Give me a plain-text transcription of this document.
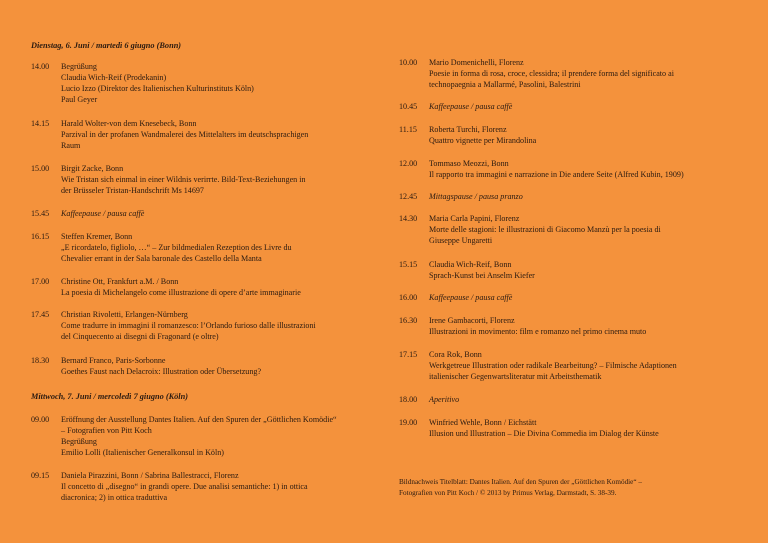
Dienstag, 6. Juni / martedì 6 giugno (Bonn)
14.00	Begrüßung
Claudia Wich-Reif (Prodekanin)
Lucio Izzo (Direktor des Italienischen Kulturinstituts Köln)
Paul Geyer
14.15	Harald Wolter-von dem Knesebeck, Bonn
Parzival in der profanen Wandmalerei des Mittelalters im deutschsprachigen
Raum
15.00	Birgit Zacke, Bonn
Wie Tristan sich einmal in einer Wildnis verirrte. Bild-Text-Beziehungen in
der Brüsseler Tristan-Handschrift Ms 14697
15.45	Kaffeepause / pausa caffè
16.15	Steffen Kremer, Bonn
„E ricordatelo, figliolo, …“ – Zur bildmedialen Rezeption des Livre du
Chevalier errant in der Sala baronale des Castello della Manta
17.00	Christine Ott, Frankfurt a.M. / Bonn
La poesia di Michelangelo come illustrazione di opere d’arte immaginarie
17.45	Christian Rivoletti, Erlangen-Nürnberg
Come tradurre in immagini il romanzesco: l’Orlando furioso dalle illustrazioni
del Cinquecento ai disegni di Fragonard (e oltre)
18.30	Bernard Franco, Paris-Sorbonne
Goethes Faust nach Delacroix: Illustration oder Übersetzung?
Mittwoch, 7. Juni / mercoledì 7 giugno (Köln)
09.00	Eröffnung der Ausstellung Dantes Italien. Auf den Spuren der „Göttlichen Komödie“
– Fotografien von Pitt Koch
Begrüßung
Emilio Lolli (Italienischer Generalkonsul in Köln)
09.15	Daniela Pirazzini, Bonn / Sabrina Ballestracci, Florenz
Il concetto di „disegno“ in grandi opere. Due analisi semantiche: 1) in ottica
diacronica; 2) in ottica traduttiva
10.00	Mario Domenichelli, Florenz
Poesie in forma di rosa, croce, clessidra; il prendere forma del significato ai
technopaegnia a Mallarmé, Pasolini, Balestrini
10.45	Kaffeepause / pausa caffè
11.15	Roberta Turchi, Florenz
Quattro vignette per Mirandolina
12.00	Tommaso Meozzi, Bonn
Il rapporto tra immagini e narrazione in Die andere Seite (Alfred Kubin, 1909)
12.45	Mittagspause / pausa pranzo
14.30	Maria Carla Papini, Florenz
Morte delle stagioni: le illustrazioni di Giacomo Manzù per la poesia di
Giuseppe Ungaretti
15.15	Claudia Wich-Reif, Bonn
Sprach-Kunst bei Anselm Kiefer
16.00	Kaffeepause / pausa caffè
16.30	Irene Gambacorti, Florenz
Illustrazioni in movimento: film e romanzo nel primo cinema muto
17.15	Cora Rok, Bonn
Werkgetreue Illustration oder radikale Bearbeitung? – Filmische Adaptionen
italienischer Gegenwartsliteratur mit Arbeitsthematik
18.00	Aperitivo
19.00	Winfried Wehle, Bonn / Eichstätt
Illusion und Illustration – Die Divina Commedia im Dialog der Künste
Bildnachweis Titelblatt: Dantes Italien. Auf den Spuren der „Göttlichen Komödie“ –
Fotografien von Pitt Koch / © 2013 by Primus Verlag, Darmstadt, S. 38-39.
